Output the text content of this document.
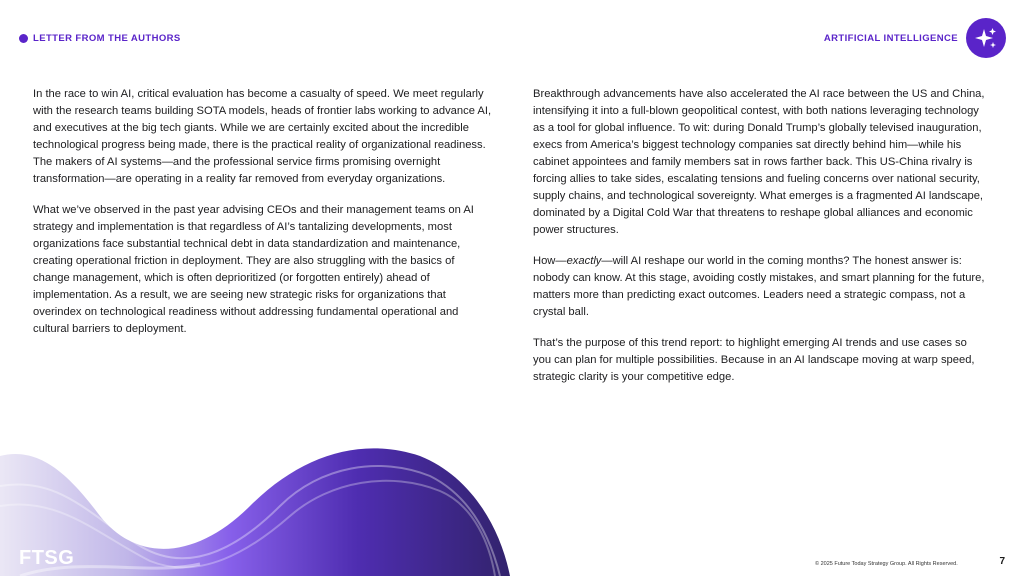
LETTER FROM THE AUTHORS	ARTIFICIAL INTELLIGENCE

In the race to win AI, critical evaluation has become a casualty of speed. We meet regularly with the research teams building SOTA models, heads of frontier labs working to advance AI, and executives at the big tech giants. While we are certainly excited about the incredible technological progress being made, there is the practical reality of organizational readiness. The makers of AI systems—and the professional service firms promising overnight transformation—are operating in a reality far removed from everyday organizations.

What we’ve observed in the past year advising CEOs and their management teams on AI strategy and implementation is that regardless of AI’s tantalizing developments, most organizations face substantial technical debt in data standardization and maintenance, creating operational friction in deployment. They are also struggling with the basics of change management, which is often deprioritized (or forgotten entirely) ahead of implementation. As a result, we are seeing new strategic risks for organizations that overindex on technological readiness without addressing fundamental operational and cultural barriers to deployment.

Breakthrough advancements have also accelerated the AI race between the US and China, intensifying it into a full-blown geopolitical contest, with both nations leveraging technology as a tool for global influence. To wit: during Donald Trump’s globally televised inauguration, execs from America’s biggest technology companies sat directly behind him—while his cabinet appointees and family members sat in rows farther back. This US-China rivalry is forcing allies to take sides, escalating tensions and fueling concerns over national security, supply chains, and technological sovereignty. What emerges is a fragmented AI landscape, dominated by a Digital Cold War that threatens to reshape global alliances and economic power structures.

How—exactly—will AI reshape our world in the coming months? The honest answer is: nobody can know. At this stage, avoiding costly mistakes, and smart planning for the future, matters more than predicting exact outcomes. Leaders need a strategic compass, not a crystal ball.

That’s the purpose of this trend report: to highlight emerging AI trends and use cases so you can plan for multiple possibilities. Because in an AI landscape moving at warp speed, strategic clarity is your competitive edge.

FTSG	© 2025 Future Today Strategy Group. All Rights Reserved.	7
